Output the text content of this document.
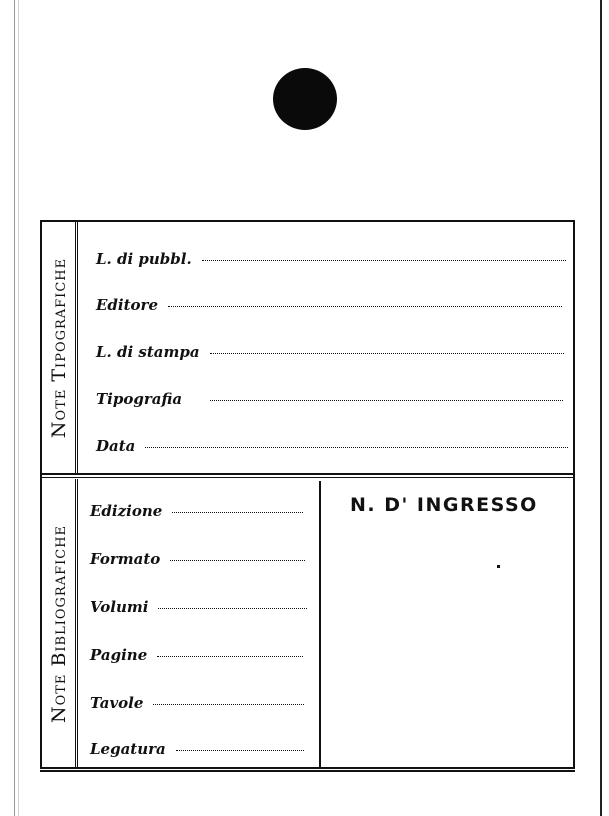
Note Tipografiche L. di pubbl.
Editore
L. di stampa
Tipografia
Data
Note Bibliografiche
Edizione
Formato
Volumi
Pagine
Tavole
Legatura
N. D' INGRESSO
